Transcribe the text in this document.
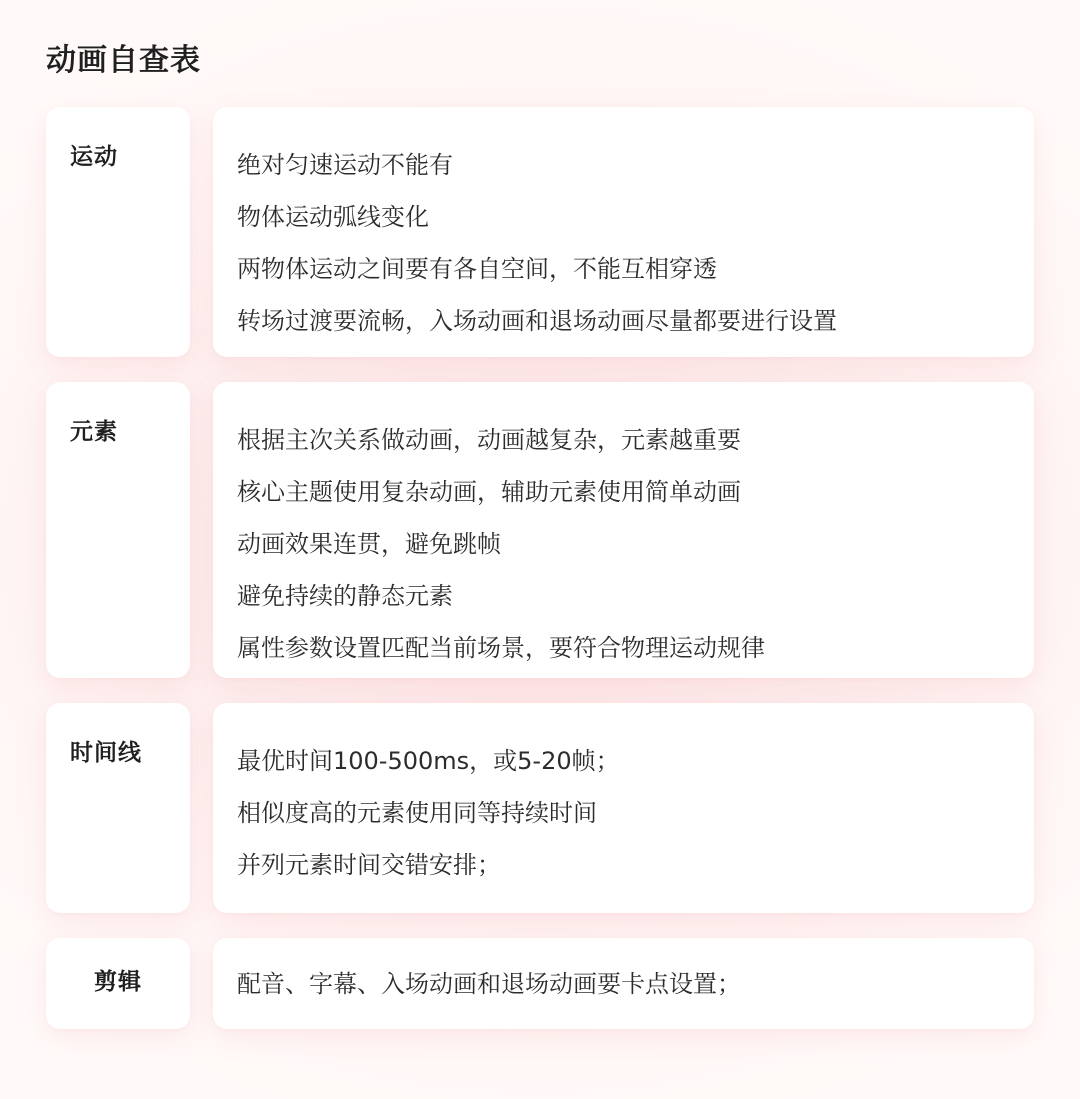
动画自查表
运动	绝对匀速运动不能有
物体运动弧线变化
两物体运动之间要有各自空间，不能互相穿透
转场过渡要流畅，入场动画和退场动画尽量都要进行设置
元素	根据主次关系做动画，动画越复杂，元素越重要
核心主题使用复杂动画，辅助元素使用简单动画
动画效果连贯，避免跳帧
避免持续的静态元素
属性参数设置匹配当前场景，要符合物理运动规律
时间线	最优时间100-500ms，或5-20帧；
相似度高的元素使用同等持续时间
并列元素时间交错安排；
剪辑	配音、字幕、入场动画和退场动画要卡点设置；
